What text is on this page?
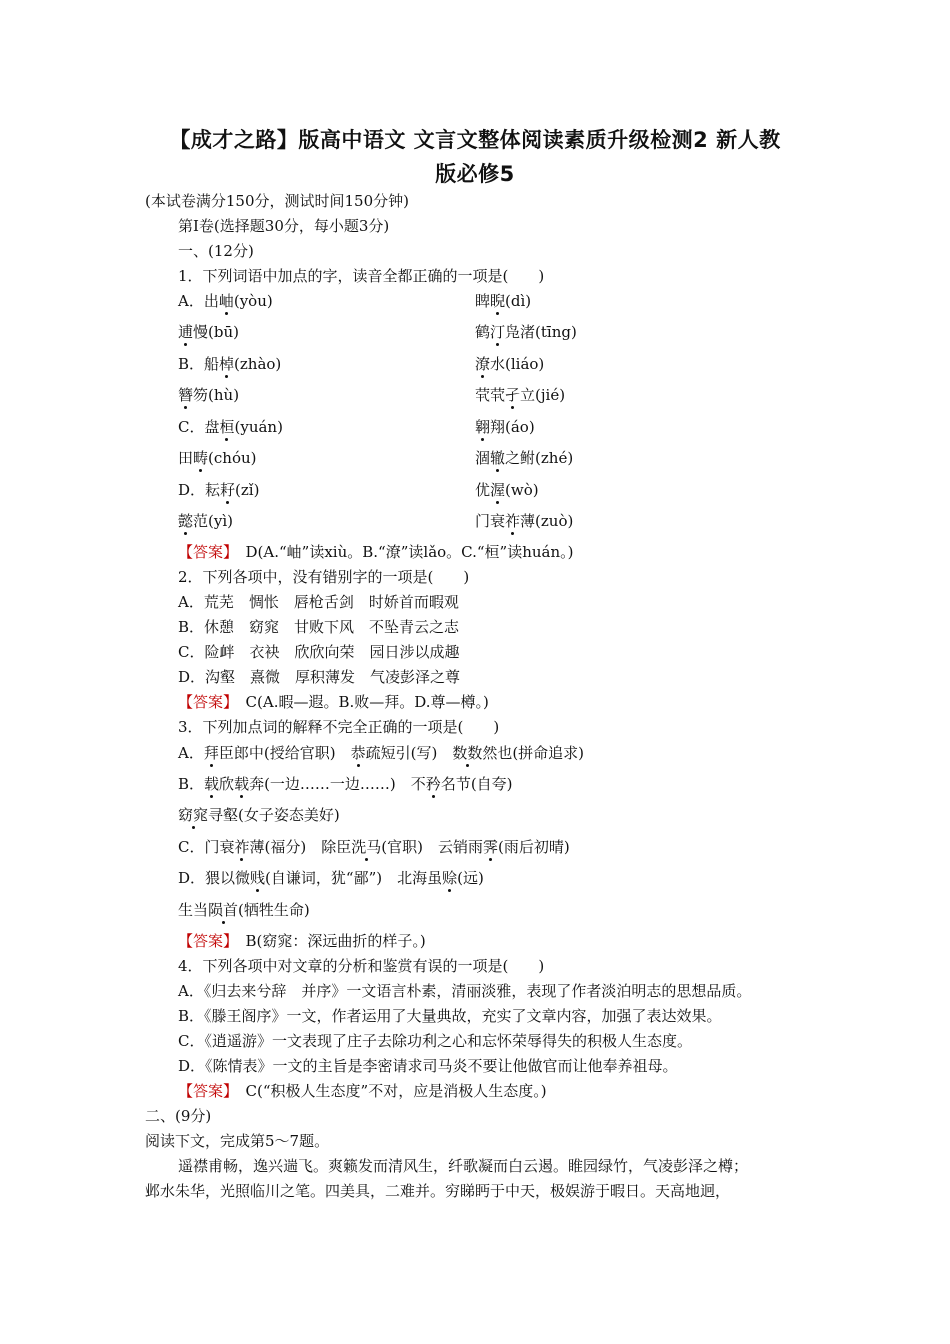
【成才之路】版高中语文 文言文整体阅读素质升级检测2 新人教
版必修5
(本试卷满分150分，测试时间150分钟)
第Ⅰ卷(选择题30分，每小题3分)
一、(12分)
1．下列词语中加点的字，读音全都正确的一项是(　　)
A．出岫(yòu)	睥睨(dì)
逋慢(bū)	鹤汀凫渚(tīng)
B．船棹(zhào)	潦水(liáo)
簪笏(hù)	茕茕孑立(jié)
C．盘桓(yuán)	翱翔(áo)
田畴(chóu)	涸辙之鲋(zhé)
D．耘耔(zǐ)	优渥(wò)
懿范(yì)	门衰祚薄(zuò)
【答案】　 D(A.“岫”读xiù。B.“潦”读lǎo。C.“桓”读huán。)
2．下列各项中，没有错别字的一项是(　　)
A．荒芜　惆怅　唇枪舌剑　时娇首而暇观
B．休憩　窈窕　甘败下风　不坠青云之志
C．险衅　衣袂　欣欣向荣　园日涉以成趣
D．沟壑　熹微　厚积薄发　气凌彭泽之尊
【答案】　 C(A.暇—遐。B.败—拜。D.尊—樽。)
3．下列加点词的解释不完全正确的一项是(　　)
A．拜臣郎中(授给官职)　恭疏短引(写)　数数然也(拼命追求)
B．载欣载奔(一边……一边……)　不矜名节(自夸)
窈窕寻壑(女子姿态美好)
C．门衰祚薄(福分)　除臣洗马(官职)　云销雨霁(雨后初晴)
D．猥以微贱(自谦词，犹“鄙”)　北海虽赊(远)
生当陨首(牺牲生命)
【答案】　 B(窈窕：深远曲折的样子。)
4．下列各项中对文章的分析和鉴赏有误的一项是(　　)
A．《归去来兮辞　并序》一文语言朴素，清丽淡雅，表现了作者淡泊明志的思想品质。
B．《滕王阁序》一文，作者运用了大量典故，充实了文章内容，加强了表达效果。
C．《逍遥游》一文表现了庄子去除功利之心和忘怀荣辱得失的积极人生态度。
D．《陈情表》一文的主旨是李密请求司马炎不要让他做官而让他奉养祖母。
【答案】　 C(“积极人生态度”不对，应是消极人生态度。)
二、(9分)
阅读下文，完成第5～7题。
遥襟甫畅，逸兴遄飞。爽籁发而清风生，纤歌凝而白云遏。睢园绿竹，气凌彭泽之樽；
邺水朱华，光照临川之笔。四美具，二难并。穷睇眄于中天，极娱游于暇日。天高地迥，
